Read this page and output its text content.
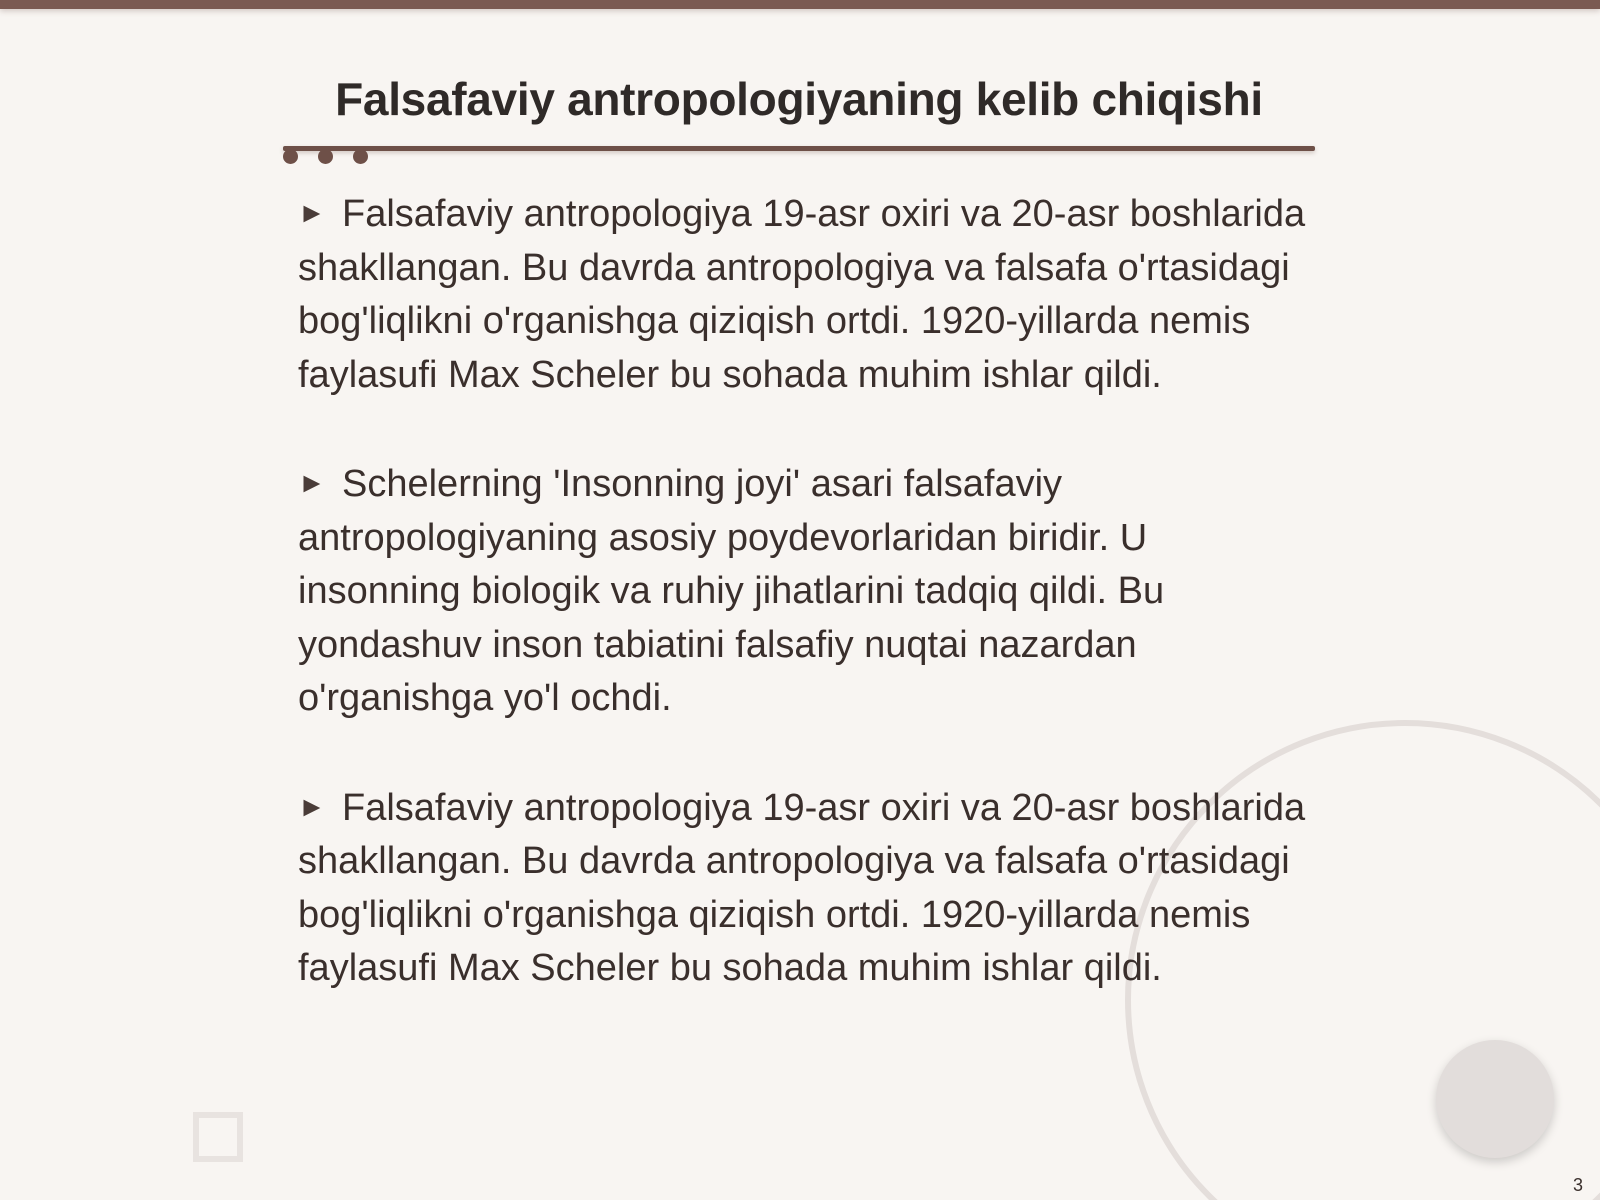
Falsafaviy antropologiyaning kelib chiqishi
► Falsafaviy antropologiya 19-asr oxiri va 20-asr boshlarida shakllangan. Bu davrda antropologiya va falsafa o'rtasidagi bog'liqlikni o'rganishga qiziqish ortdi. 1920-yillarda nemis faylasufi Max Scheler bu sohada muhim ishlar qildi.
► Schelerning 'Insonning joyi' asari falsafaviy antropologiyaning asosiy poydevorlaridan biridir. U insonning biologik va ruhiy jihatlarini tadqiq qildi. Bu yondashuv inson tabiatini falsafiy nuqtai nazardan o'rganishga yo'l ochdi.
► Falsafaviy antropologiya 19-asr oxiri va 20-asr boshlarida shakllangan. Bu davrda antropologiya va falsafa o'rtasidagi bog'liqlikni o'rganishga qiziqish ortdi. 1920-yillarda nemis faylasufi Max Scheler bu sohada muhim ishlar qildi.
3
